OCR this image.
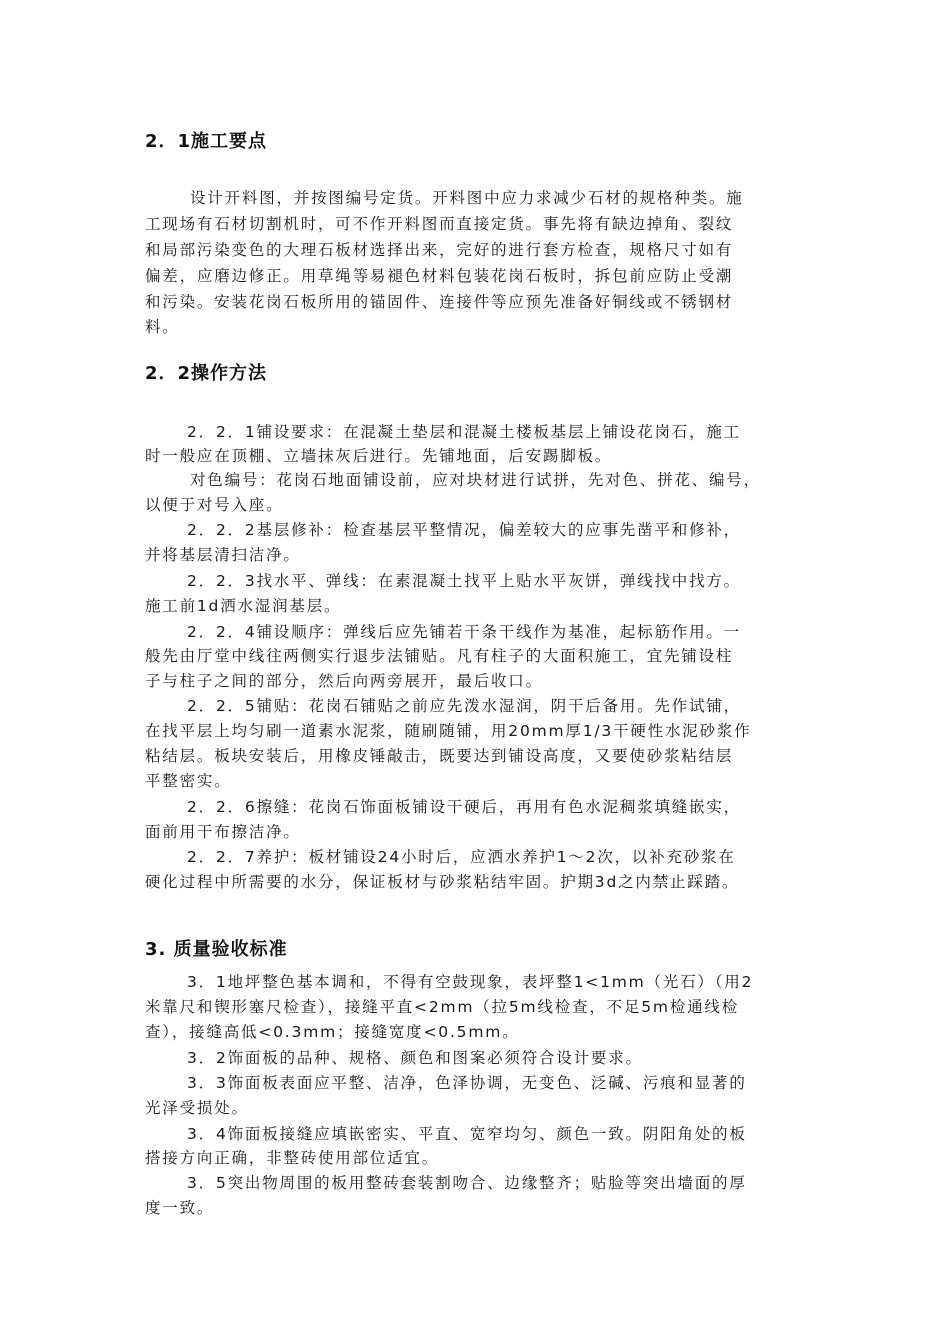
2．1施工要点
设计开料图，并按图编号定货。开料图中应力求减少石材的规格种类。施
工现场有石材切割机时，可不作开料图而直接定货。事先将有缺边掉角、裂纹
和局部污染变色的大理石板材选择出来，完好的进行套方检查，规格尺寸如有
偏差，应磨边修正。用草绳等易褪色材料包装花岗石板时，拆包前应防止受潮
和污染。安装花岗石板所用的锚固件、连接件等应预先准备好铜线或不锈钢材
料。
2．2操作方法
2．2．1铺设要求：在混凝土垫层和混凝土楼板基层上铺设花岗石，施工
时一般应在顶棚、立墙抹灰后进行。先铺地面，后安踢脚板。
对色编号：花岗石地面铺设前，应对块材进行试拼，先对色、拼花、编号，
以便于对号入座。
2．2．2基层修补：检查基层平整情况，偏差较大的应事先凿平和修补，
并将基层清扫洁净。
2．2．3找水平、弹线：在素混凝土找平上贴水平灰饼，弹线找中找方。
施工前1d洒水湿润基层。
2．2．4铺设顺序：弹线后应先铺若干条干线作为基准，起标筋作用。一
般先由厅堂中线往两侧实行退步法铺贴。凡有柱子的大面积施工，宜先铺设柱
子与柱子之间的部分，然后向两旁展开，最后收口。
2．2．5铺贴：花岗石铺贴之前应先泼水湿润，阴干后备用。先作试铺，
在找平层上均匀刷一道素水泥浆，随刷随铺，用20mm厚1/3干硬性水泥砂浆作
粘结层。板块安装后，用橡皮锤敲击，既要达到铺设高度，又要使砂浆粘结层
平整密实。
2．2．6擦缝：花岗石饰面板铺设干硬后，再用有色水泥稠浆填缝嵌实，
面前用干布擦洁净。
2．2．7养护：板材铺设24小时后，应洒水养护1～2次，以补充砂浆在
硬化过程中所需要的水分，保证板材与砂浆粘结牢固。护期3d之内禁止踩踏。
3. 质量验收标准
3．1地坪整色基本调和，不得有空鼓现象，表坪整1<1mm（光石）（用2
米靠尺和锲形塞尺检查），接缝平直<2mm（拉5m线检查，不足5m检通线检
查），接缝高低<0.3mm；接缝宽度<0.5mm。
3．2饰面板的品种、规格、颜色和图案必须符合设计要求。
3．3饰面板表面应平整、洁净，色泽协调，无变色、泛碱、污痕和显著的
光泽受损处。
3．4饰面板接缝应填嵌密实、平直、宽窄均匀、颜色一致。阴阳角处的板
搭接方向正确，非整砖使用部位适宜。
3．5突出物周围的板用整砖套装割吻合、边缘整齐；贴脸等突出墙面的厚
度一致。
